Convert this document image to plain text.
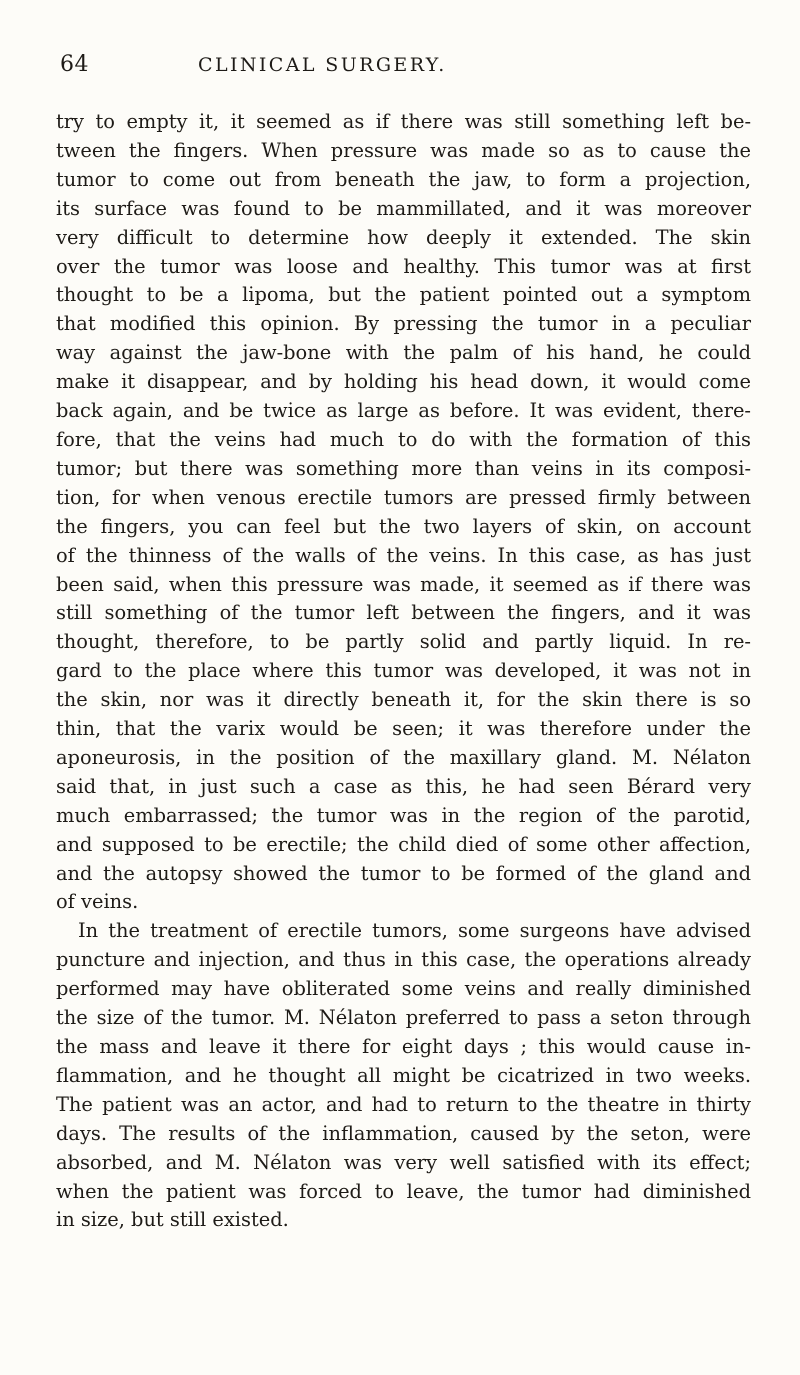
64	CLINICAL SURGERY.
try to empty it, it seemed as if there was still something left be-
tween the fingers. When pressure was made so as to cause the
tumor to come out from beneath the jaw, to form a projection,
its surface was found to be mammillated, and it was moreover
very difficult to determine how deeply it extended. The skin
over the tumor was loose and healthy. This tumor was at first
thought to be a lipoma, but the patient pointed out a symptom
that modified this opinion. By pressing the tumor in a peculiar
way against the jaw-bone with the palm of his hand, he could
make it disappear, and by holding his head down, it would come
back again, and be twice as large as before. It was evident, there-
fore, that the veins had much to do with the formation of this
tumor; but there was something more than veins in its composi-
tion, for when venous erectile tumors are pressed firmly between
the fingers, you can feel but the two layers of skin, on account
of the thinness of the walls of the veins. In this case, as has just
been said, when this pressure was made, it seemed as if there was
still something of the tumor left between the fingers, and it was
thought, therefore, to be partly solid and partly liquid. In re-
gard to the place where this tumor was developed, it was not in
the skin, nor was it directly beneath it, for the skin there is so
thin, that the varix would be seen; it was therefore under the
aponeurosis, in the position of the maxillary gland. M. Nélaton
said that, in just such a case as this, he had seen Bérard very
much embarrassed; the tumor was in the region of the parotid,
and supposed to be erectile; the child died of some other affection,
and the autopsy showed the tumor to be formed of the gland and
of veins.
In the treatment of erectile tumors, some surgeons have advised
puncture and injection, and thus in this case, the operations already
performed may have obliterated some veins and really diminished
the size of the tumor. M. Nélaton preferred to pass a seton through
the mass and leave it there for eight days ; this would cause in-
flammation, and he thought all might be cicatrized in two weeks.
The patient was an actor, and had to return to the theatre in thirty
days. The results of the inflammation, caused by the seton, were
absorbed, and M. Nélaton was very well satisfied with its effect;
when the patient was forced to leave, the tumor had diminished
in size, but still existed.
